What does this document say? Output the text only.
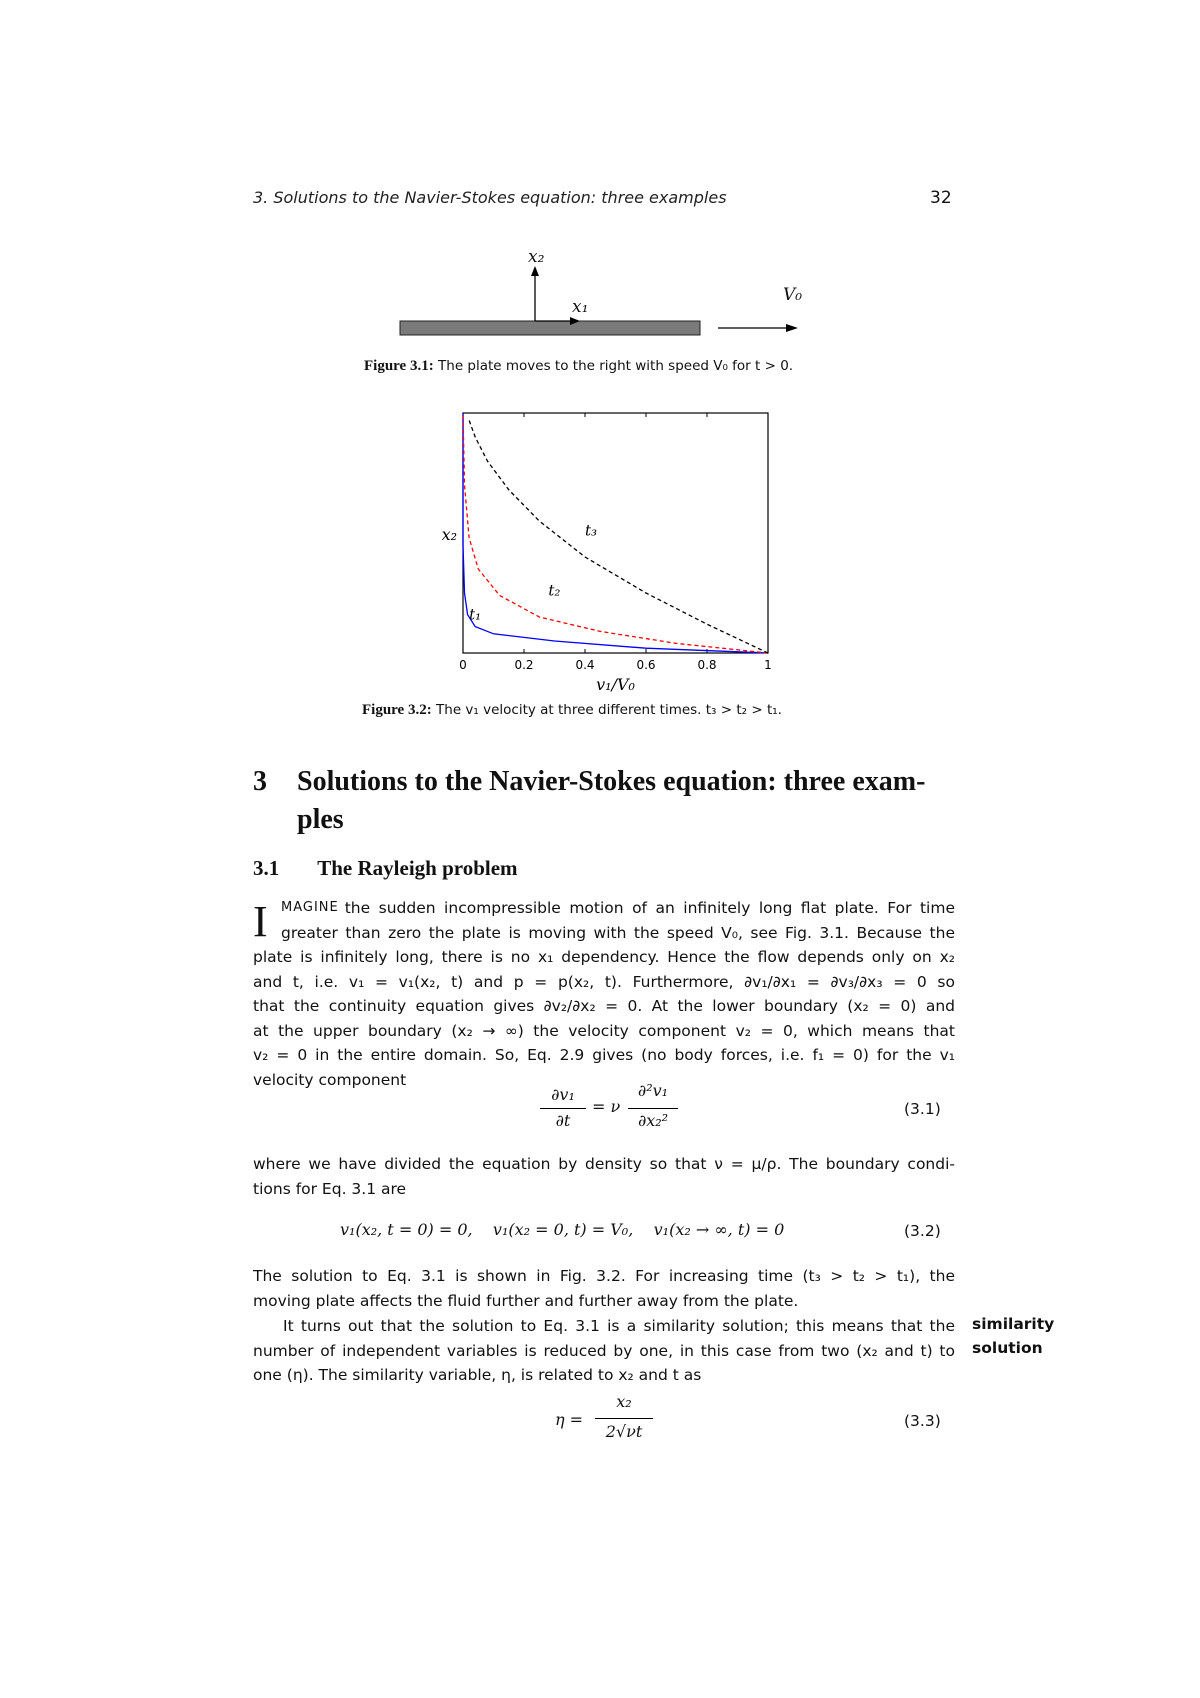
3. Solutions to the Navier-Stokes equation: three examples	32
x₂
x₁
V₀
Figure 3.1: The plate moves to the right with speed V₀ for t > 0.
0	0.2	0.4	0.6	0.8	1
t₁
t₂
t₃
v₁/V₀
x₂
Figure 3.2: The v₁ velocity at three different times. t₃ > t₂ > t₁.
3 Solutions to the Navier-Stokes equation: three exam-
ples
3.1 The Rayleigh problem
I MAGINE the sudden incompressible motion of an infinitely long flat plate. For time
greater than zero the plate is moving with the speed V₀, see Fig. 3.1. Because the
plate is infinitely long, there is no x₁ dependency. Hence the flow depends only on x₂
and t, i.e. v₁ = v₁(x₂, t) and p = p(x₂, t). Furthermore, ∂v₁/∂x₁ = ∂v₃/∂x₃ = 0 so
that the continuity equation gives ∂v₂/∂x₂ = 0. At the lower boundary (x₂ = 0) and
at the upper boundary (x₂ → ∞) the velocity component v₂ = 0, which means that
v₂ = 0 in the entire domain. So, Eq. 2.9 gives (no body forces, i.e. f₁ = 0) for the v₁
velocity component
∂v₁
∂t
= ν
∂²v₁
∂x₂²
(3.1)
where we have divided the equation by density so that ν = μ/ρ. The boundary condi-
tions for Eq. 3.1 are
v₁(x₂, t = 0) = 0,    v₁(x₂ = 0, t) = V₀,    v₁(x₂ → ∞, t) = 0	(3.2)
The solution to Eq. 3.1 is shown in Fig. 3.2. For increasing time (t₃ > t₂ > t₁), the
moving plate affects the fluid further and further away from the plate.
It turns out that the solution to Eq. 3.1 is a similarity solution; this means that the
number of independent variables is reduced by one, in this case from two (x₂ and t) to
one (η). The similarity variable, η, is related to x₂ and t as
similarity
solution
η =
x₂
2√νt
(3.3)
